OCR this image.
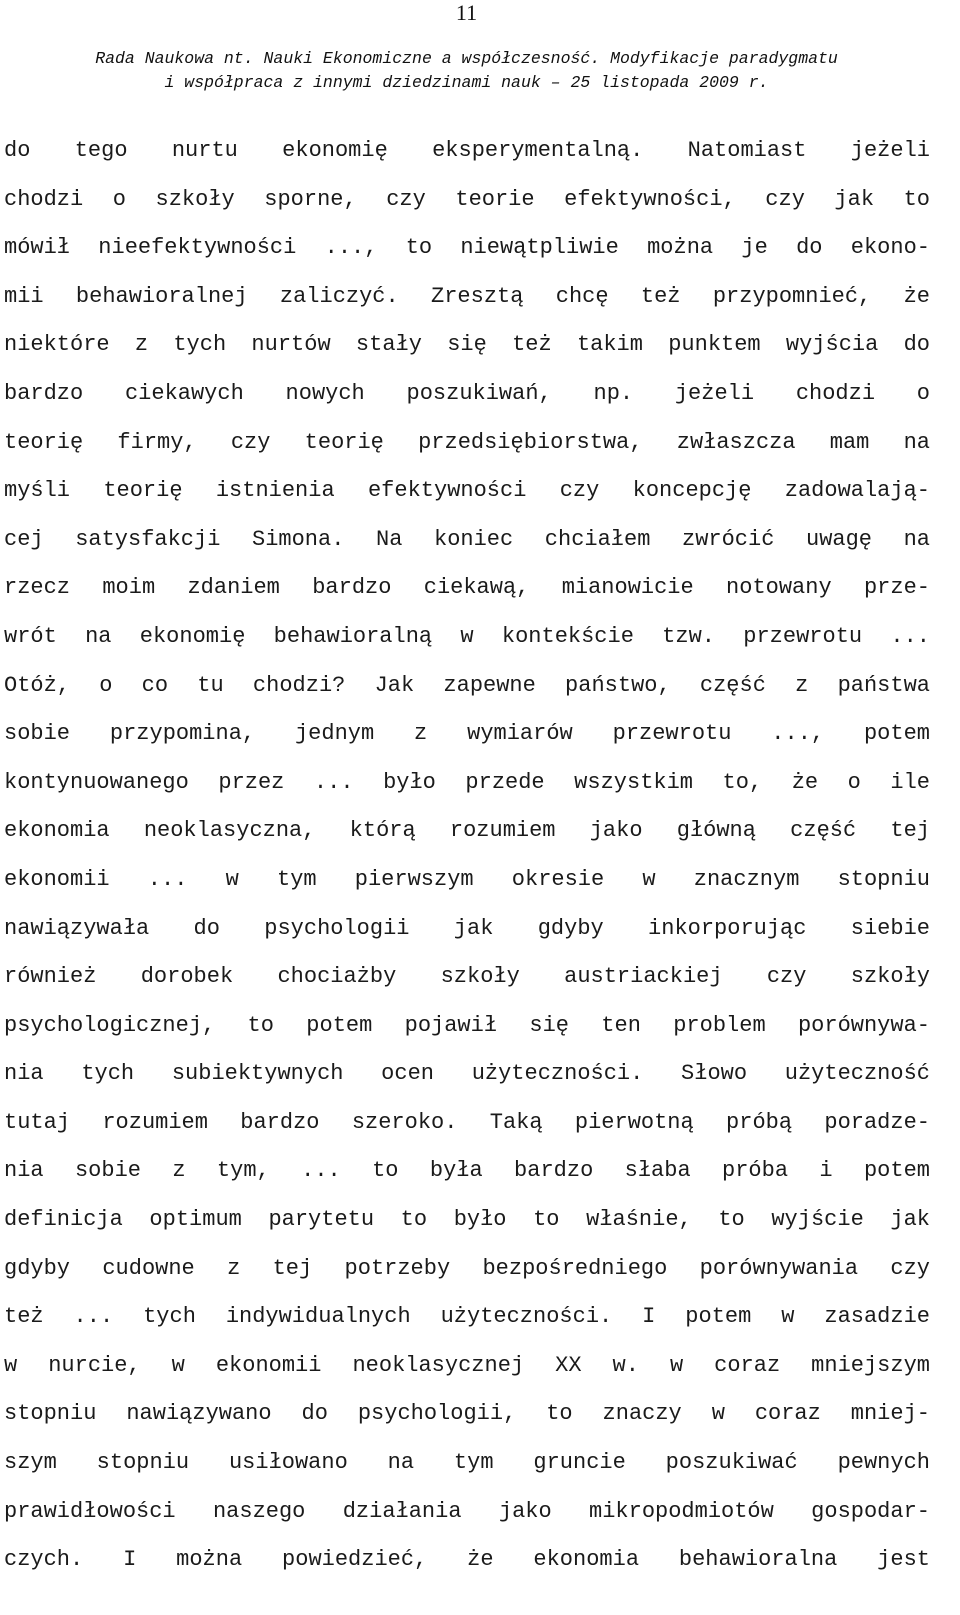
11
Rada Naukowa nt. Nauki Ekonomiczne a współczesność. Modyfikacje paradygmatu
i współpraca z innymi dziedzinami nauk – 25 listopada 2009 r.
do tego nurtu ekonomię eksperymentalną. Natomiast jeżeli
chodzi o szkoły sporne, czy teorie efektywności, czy jak to
mówił nieefektywności ..., to niewątpliwie można je do ekono-
mii behawioralnej zaliczyć. Zresztą chcę też przypomnieć, że
niektóre z tych nurtów stały się też takim punktem wyjścia do
bardzo ciekawych nowych poszukiwań, np. jeżeli chodzi o
teorię firmy, czy teorię przedsiębiorstwa, zwłaszcza mam na
myśli teorię istnienia efektywności czy koncepcję zadowalają-
cej satysfakcji Simona. Na koniec chciałem zwrócić uwagę na
rzecz moim zdaniem bardzo ciekawą, mianowicie notowany prze-
wrót na ekonomię behawioralną w kontekście tzw. przewrotu ...
Otóż, o co tu chodzi? Jak zapewne państwo, część z państwa
sobie przypomina, jednym z wymiarów przewrotu ..., potem
kontynuowanego przez ... było przede wszystkim to, że o ile
ekonomia neoklasyczna, którą rozumiem jako główną część tej
ekonomii ... w tym pierwszym okresie w znacznym stopniu
nawiązywała do psychologii jak gdyby inkorporując siebie
również dorobek chociażby szkoły austriackiej czy szkoły
psychologicznej, to potem pojawił się ten problem porównywa-
nia tych subiektywnych ocen użyteczności. Słowo użyteczność
tutaj rozumiem bardzo szeroko. Taką pierwotną próbą poradze-
nia sobie z tym, ... to była bardzo słaba próba i potem
definicja optimum parytetu to było to właśnie, to wyjście jak
gdyby cudowne z tej potrzeby bezpośredniego porównywania czy
też ... tych indywidualnych użyteczności. I potem w zasadzie
w nurcie, w ekonomii neoklasycznej XX w. w coraz mniejszym
stopniu nawiązywano do psychologii, to znaczy w coraz mniej-
szym stopniu usiłowano na tym gruncie poszukiwać pewnych
prawidłowości naszego działania jako mikropodmiotów gospodar-
czych. I można powiedzieć, że ekonomia behawioralna jest
